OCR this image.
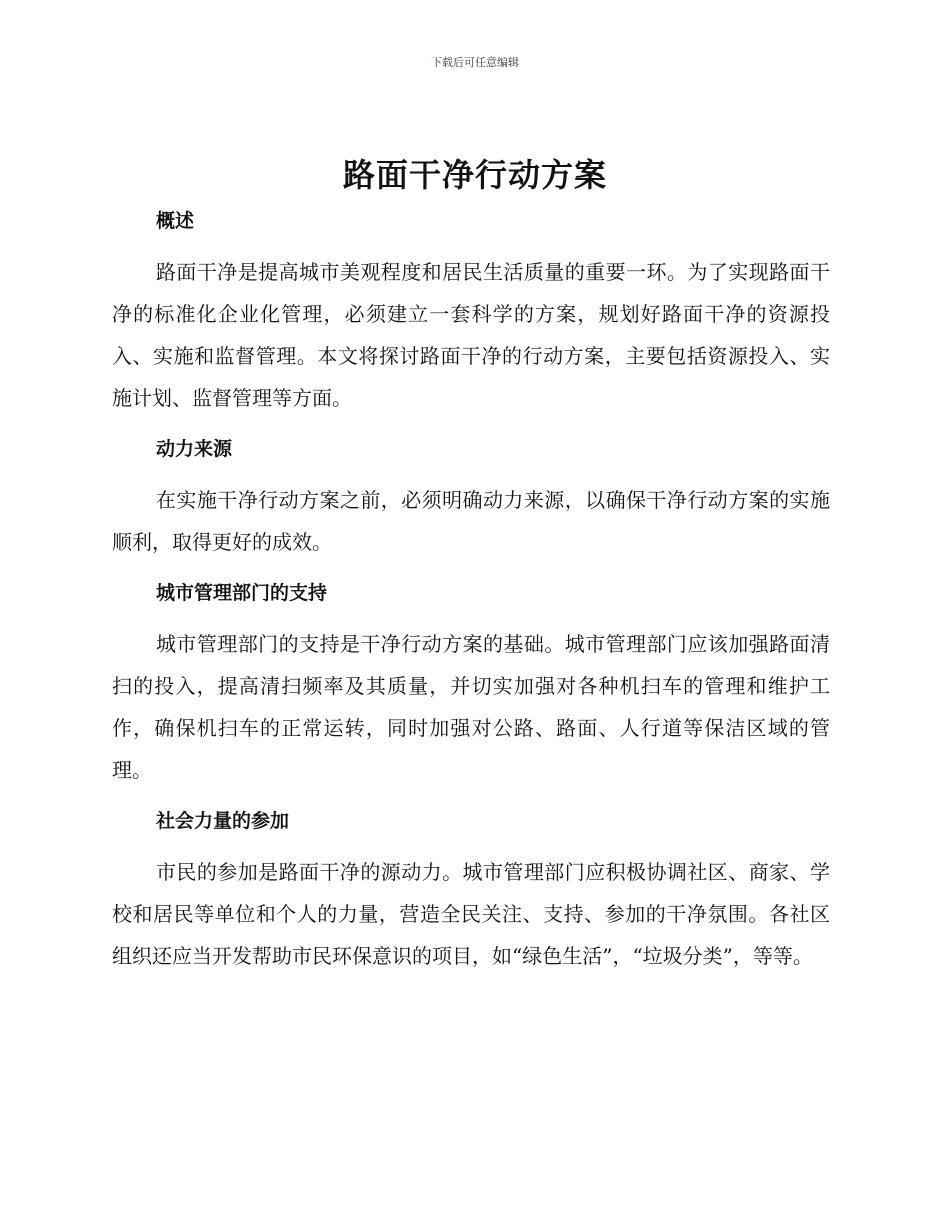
下载后可任意编辑
路面干净行动方案
概述

路面干净是提高城市美观程度和居民生活质量的重要一环。为了实现路面干净的标准化企业化管理，必须建立一套科学的方案，规划好路面干净的资源投入、实施和监督管理。本文将探讨路面干净的行动方案，主要包括资源投入、实施计划、监督管理等方面。

动力来源

在实施干净行动方案之前，必须明确动力来源，以确保干净行动方案的实施顺利，取得更好的成效。

城市管理部门的支持

城市管理部门的支持是干净行动方案的基础。城市管理部门应该加强路面清扫的投入，提高清扫频率及其质量，并切实加强对各种机扫车的管理和维护工作，确保机扫车的正常运转，同时加强对公路、路面、人行道等保洁区域的管理。

社会力量的参加

市民的参加是路面干净的源动力。城市管理部门应积极协调社区、商家、学校和居民等单位和个人的力量，营造全民关注、支持、参加的干净氛围。各社区组织还应当开发帮助市民环保意识的项目，如“绿色生活”，“垃圾分类”，等等。
